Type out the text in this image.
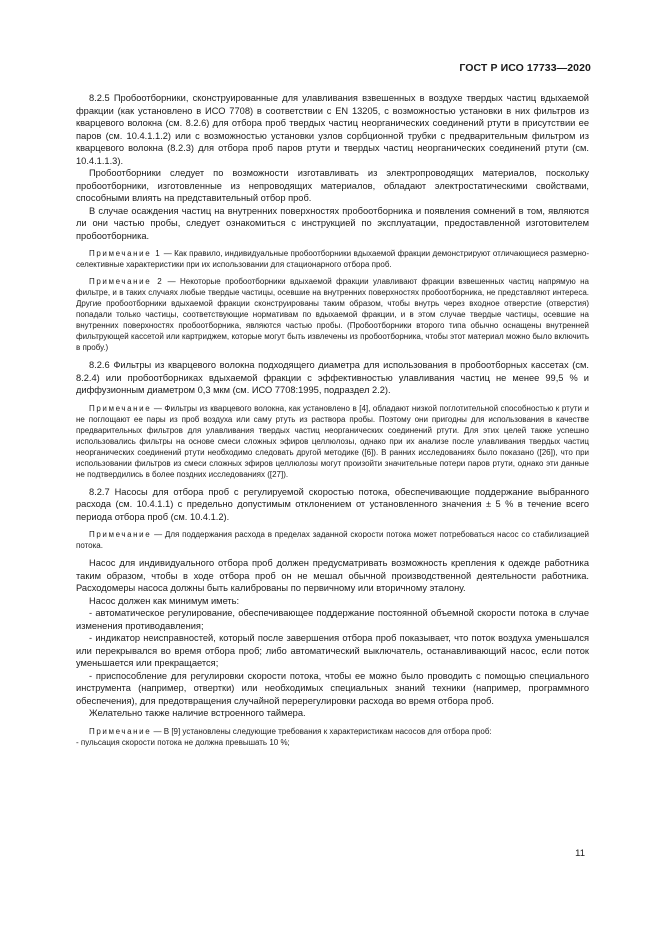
ГОСТ Р ИСО 17733—2020

8.2.5 Пробоотборники, сконструированные для улавливания взвешенных в воздухе твердых частиц вдыхаемой фракции (как установлено в ИСО 7708) в соответствии с EN 13205, с возможностью установки в них фильтров из кварцевого волокна (см. 8.2.6) для отбора проб твердых частиц неорганических соединений ртути в присутствии ее паров (см. 10.4.1.1.2) или с возможностью установки узлов сорбционной трубки с предварительным фильтром из кварцевого волокна (8.2.3) для отбора проб паров ртути и твердых частиц неорганических соединений ртути (см. 10.4.1.1.3).

Пробоотборники следует по возможности изготавливать из электропроводящих материалов, поскольку пробоотборники, изготовленные из непроводящих материалов, обладают электростатическими свойствами, способными влиять на представительный отбор проб.

В случае осаждения частиц на внутренних поверхностях пробоотборника и появления сомнений в том, являются ли они частью пробы, следует ознакомиться с инструкцией по эксплуатации, предоставленной изготовителем пробоотборника.

Примечание 1 — Как правило, индивидуальные пробоотборники вдыхаемой фракции демонстрируют отличающиеся размерно-селективные характеристики при их использовании для стационарного отбора проб.
Примечание 2 — Некоторые пробоотборники вдыхаемой фракции улавливают фракции взвешенных частиц напрямую на фильтре, и в таких случаях любые твердые частицы, осевшие на внутренних поверхностях пробоотборника, не представляют интереса. Другие пробоотборники вдыхаемой фракции сконструированы таким образом, чтобы внутрь через входное отверстие (отверстия) попадали только частицы, соответствующие нормативам по вдыхаемой фракции, и в этом случае твердые частицы, осевшие на внутренних поверхностях пробоотборника, являются частью пробы. (Пробоотборники второго типа обычно оснащены внутренней фильтрующей кассетой или картриджем, которые могут быть извлечены из пробоотборника, чтобы этот материал можно было включить в пробу.)

8.2.6 Фильтры из кварцевого волокна подходящего диаметра для использования в пробоотборных кассетах (см. 8.2.4) или пробоотборниках вдыхаемой фракции с эффективностью улавливания частиц не менее 99,5 % и диффузионным диаметром 0,3 мкм (см. ИСО 7708:1995, подраздел 2.2).

Примечание — Фильтры из кварцевого волокна, как установлено в [4], обладают низкой поглотительной способностью к ртути и не поглощают ее пары из проб воздуха или саму ртуть из раствора пробы. Поэтому они пригодны для использования в качестве предварительных фильтров для улавливания твердых частиц неорганических соединений ртути. Для этих целей также успешно использовались фильтры на основе смеси сложных эфиров целлюлозы, однако при их анализе после улавливания твердых частиц неорганических соединений ртути необходимо следовать другой методике ([6]). В ранних исследованиях было показано ([26]), что при использовании фильтров из смеси сложных эфиров целлюлозы могут произойти значительные потери паров ртути, однако эти данные не подтвердились в более поздних исследованиях ([27]).

8.2.7 Насосы для отбора проб с регулируемой скоростью потока, обеспечивающие поддержание выбранного расхода (см. 10.4.1.1) с предельно допустимым отклонением от установленного значения ± 5 % в течение всего периода отбора проб (см. 10.4.1.2).

Примечание — Для поддержания расхода в пределах заданной скорости потока может потребоваться насос со стабилизацией потока.

Насос для индивидуального отбора проб должен предусматривать возможность крепления к одежде работника таким образом, чтобы в ходе отбора проб он не мешал обычной производственной деятельности работника. Расходомеры насоса должны быть калиброваны по первичному или вторичному эталону.

Насос должен как минимум иметь:

- автоматическое регулирование, обеспечивающее поддержание постоянной объемной скорости потока в случае изменения противодавления;

- индикатор неисправностей, который после завершения отбора проб показывает, что поток воздуха уменьшался или перекрывался во время отбора проб; либо автоматический выключатель, останавливающий насос, если поток уменьшается или прекращается;

- приспособление для регулировки скорости потока, чтобы ее можно было проводить с помощью специального инструмента (например, отвертки) или необходимых специальных знаний техники (например, программного обеспечения), для предотвращения случайной перерегулировки расхода во время отбора проб.

Желательно также наличие встроенного таймера.

Примечание — В [9] установлены следующие требования к характеристикам насосов для отбора проб:
- пульсация скорости потока не должна превышать 10 %;
11
